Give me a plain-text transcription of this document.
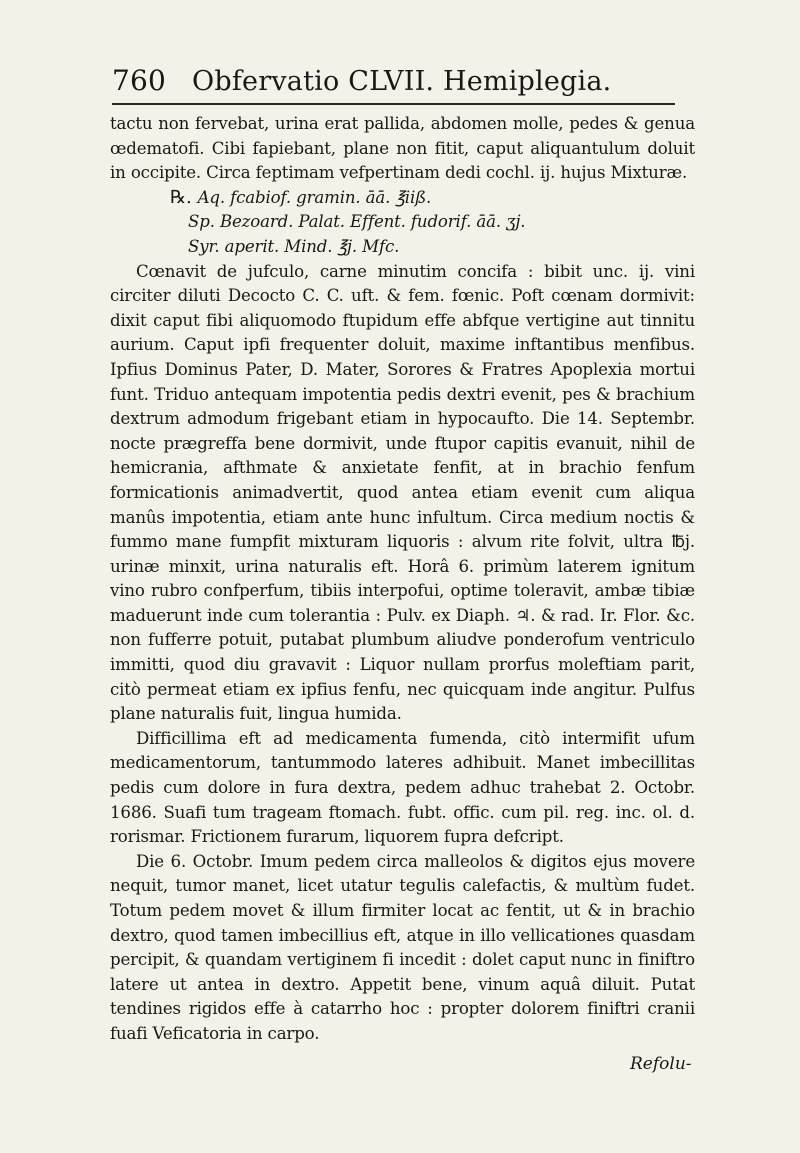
760 Obfervatio CLVII. Hemiplegia.

tactu non fervebat, urina erat pallida, abdomen molle, pedes & genua œdematofi. Cibi fapiebant, plane non fitit, caput aliquantulum doluit in occipite. Circa feptimam vefpertinam dedi cochl. ij. hujus Mixturæ.

℞. Aq. fcabiof. gramin. āā. ℥iiß.

Sp. Bezoard. Palat. Effent. fudorif. āā. ʒj.

Syr. aperit. Mind. ℥j. Mfc.

Cœnavit de jufculo, carne minutim concifa : bibit unc. ij. vini circiter diluti Decocto C. C. uft. & fem. fœnic. Poft cœnam dormivit: dixit caput fibi aliquomodo ftupidum effe abfque vertigine aut tinnitu aurium. Caput ipfi frequenter doluit, maxime inftantibus menfibus. Ipfius Dominus Pater, D. Mater, Sorores & Fratres Apoplexia mortui funt. Triduo antequam impotentia pedis dextri evenit, pes & brachium dextrum admodum frigebant etiam in hypocaufto. Die 14. Septembr. nocte prægreffa bene dormivit, unde ftupor capitis evanuit, nihil de hemicrania, afthmate & anxietate fenfit, at in brachio fenfum formicationis animadvertit, quod antea etiam evenit cum aliqua manûs impotentia, etiam ante hunc infultum. Circa medium noctis & fummo mane fumpfit mixturam liquoris : alvum rite folvit, ultra ℔j. urinæ minxit, urina naturalis eft. Horâ 6. primùm laterem ignitum vino rubro confperfum, tibiis interpofui, optime toleravit, ambæ tibiæ maduerunt inde cum tolerantia : Pulv. ex Diaph. ♃. & rad. Ir. Flor. &c. non fufferre potuit, putabat plumbum aliudve ponderofum ventriculo immitti, quod diu gravavit : Liquor nullam prorfus moleftiam parit, citò permeat etiam ex ipfius fenfu, nec quicquam inde angitur. Pulfus plane naturalis fuit, lingua humida.

Difficillima eft ad medicamenta fumenda, citò intermifit ufum medicamentorum, tantummodo lateres adhibuit. Manet imbecillitas pedis cum dolore in fura dextra, pedem adhuc trahebat 2. Octobr. 1686. Suafi tum trageam ftomach. fubt. offic. cum pil. reg. inc. ol. d. rorismar. Frictionem furarum, liquorem fupra defcript.

Die 6. Octobr. Imum pedem circa malleolos & digitos ejus movere nequit, tumor manet, licet utatur tegulis calefactis, & multùm fudet. Totum pedem movet & illum firmiter locat ac fentit, ut & in brachio dextro, quod tamen imbecillius eft, atque in illo vellicationes quasdam percipit, & quandam vertiginem fi incedit : dolet caput nunc in finiftro latere ut antea in dextro. Appetit bene, vinum aquâ diluit. Putat tendines rigidos effe à catarrho hoc : propter dolorem finiftri cranii fuafi Veficatoria in carpo.

Refolu-
